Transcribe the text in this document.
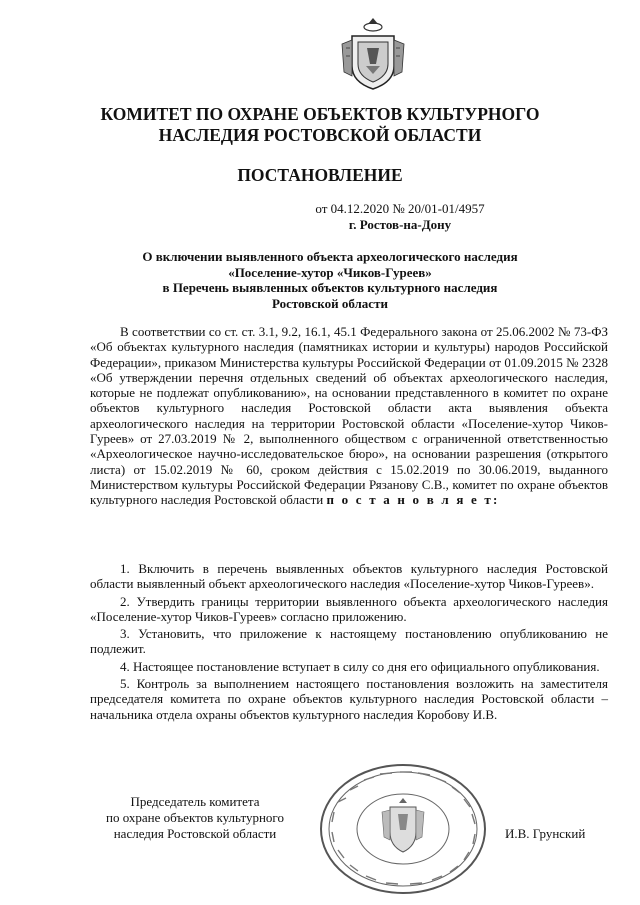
КОМИТЕТ ПО ОХРАНЕ ОБЪЕКТОВ КУЛЬТУРНОГО
НАСЛЕДИЯ РОСТОВСКОЙ ОБЛАСТИ
ПОСТАНОВЛЕНИЕ
от 04.12.2020 № 20/01-01/4957
г. Ростов-на-Дону
О включении выявленного объекта археологического наследия
«Поселение-хутор «Чиков-Гуреев»
в Перечень выявленных объектов культурного наследия
Ростовской области

В соответствии со ст. ст. 3.1, 9.2, 16.1, 45.1 Федерального закона от 25.06.2002 № 73-ФЗ «Об объектах культурного наследия (памятниках истории и культуры) народов Российской Федерации», приказом Министерства культуры Российской Федерации от 01.09.2015 № 2328 «Об утверждении перечня отдельных сведений об объектах археологического наследия, которые не подлежат опубликованию», на основании представленного в комитет по охране объектов культурного наследия Ростовской области акта выявления объекта археологического наследия на территории Ростовской области «Поселение-хутор Чиков-Гуреев» от 27.03.2019 № 2, выполненного обществом с ограниченной ответственностью «Археологическое научно-исследовательское бюро», на основании разрешения (открытого листа) от 15.02.2019 № 60, сроком действия с 15.02.2019 по 30.06.2019, выданного Министерством культуры Российской Федерации Рязанову С.В., комитет по охране объектов культурного наследия Ростовской области п о с т а н о в л я е т:

1. Включить в перечень выявленных объектов культурного наследия Ростовской области выявленный объект археологического наследия «Поселение-хутор Чиков-Гуреев».

2. Утвердить границы территории выявленного объекта археологического наследия «Поселение-хутор Чиков-Гуреев» согласно приложению.

3. Установить, что приложение к настоящему постановлению опубликованию не подлежит.

4. Настоящее постановление вступает в силу со дня его официального опубликования.

5. Контроль за выполнением настоящего постановления возложить на заместителя председателя комитета по охране объектов культурного наследия Ростовской области – начальника отдела охраны объектов культурного наследия Коробову И.В.

Председатель комитета
по охране объектов культурного
наследия Ростовской области	И.В. Грунский
